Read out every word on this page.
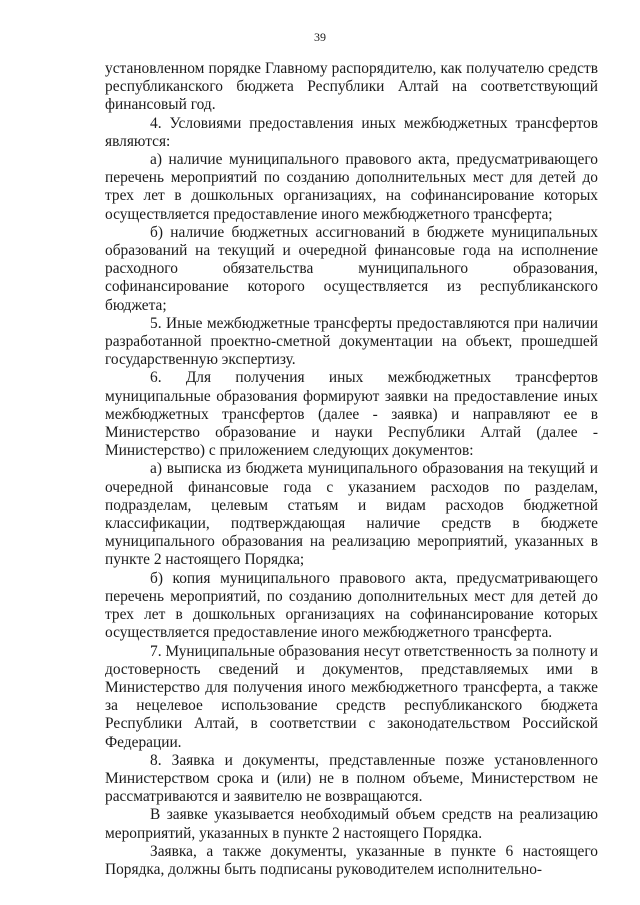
39

установленном порядке Главному распорядителю, как получателю средств республиканского бюджета Республики Алтай на соответствующий финансовый год.

4. Условиями предоставления иных межбюджетных трансфертов являются:

а) наличие муниципального правового акта, предусматривающего перечень мероприятий по созданию дополнительных мест для детей до трех лет в дошкольных организациях, на софинансирование которых осуществляется предоставление иного межбюджетного трансферта;

б) наличие бюджетных ассигнований в бюджете муниципальных образований на текущий и очередной финансовые года на исполнение расходного обязательства муниципального образования, софинансирование которого осуществляется из республиканского бюджета;

5. Иные межбюджетные трансферты предоставляются при наличии разработанной проектно-сметной документации на объект, прошедшей государственную экспертизу.

6. Для получения иных межбюджетных трансфертов муниципальные образования формируют заявки на предоставление иных межбюджетных трансфертов (далее - заявка) и направляют ее в Министерство образование и науки Республики Алтай (далее - Министерство) с приложением следующих документов:

а) выписка из бюджета муниципального образования на текущий и очередной финансовые года с указанием расходов по разделам, подразделам, целевым статьям и видам расходов бюджетной классификации, подтверждающая наличие средств в бюджете муниципального образования на реализацию мероприятий, указанных в пункте 2 настоящего Порядка;

б) копия муниципального правового акта, предусматривающего перечень мероприятий, по созданию дополнительных мест для детей до трех лет в дошкольных организациях на софинансирование которых осуществляется предоставление иного межбюджетного трансферта.

7. Муниципальные образования несут ответственность за полноту и достоверность сведений и документов, представляемых ими в Министерство для получения иного межбюджетного трансферта, а также за нецелевое использование средств республиканского бюджета Республики Алтай, в соответствии с законодательством Российской Федерации.

8. Заявка и документы, представленные позже установленного Министерством срока и (или) не в полном объеме, Министерством не рассматриваются и заявителю не возвращаются.

В заявке указывается необходимый объем средств на реализацию мероприятий, указанных в пункте 2 настоящего Порядка.

Заявка, а также документы, указанные в пункте 6 настоящего Порядка, должны быть подписаны руководителем исполнительно-
